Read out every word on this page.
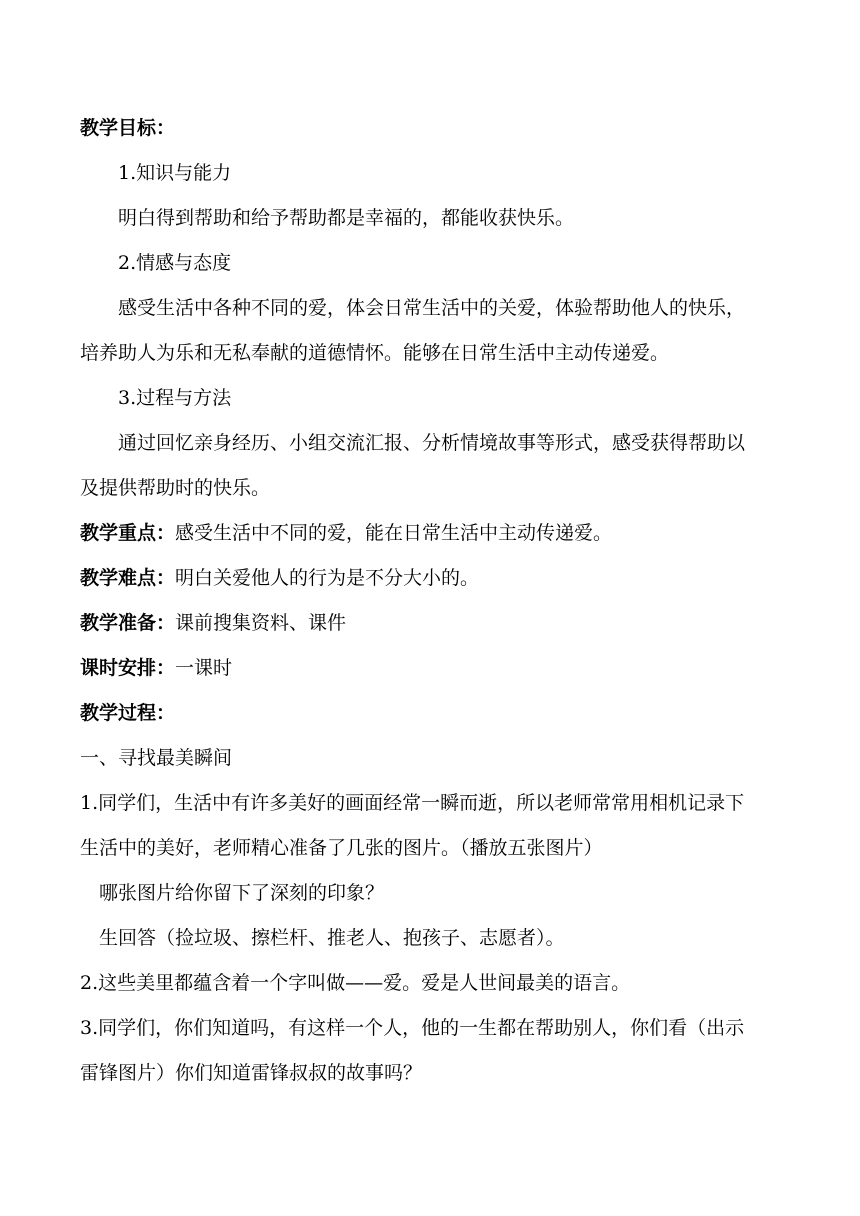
教学目标：
1.知识与能力
明白得到帮助和给予帮助都是幸福的，都能收获快乐。
2.情感与态度
感受生活中各种不同的爱，体会日常生活中的关爱，体验帮助他人的快乐，
培养助人为乐和无私奉献的道德情怀。能够在日常生活中主动传递爱。
3.过程与方法
通过回忆亲身经历、小组交流汇报、分析情境故事等形式，感受获得帮助以
及提供帮助时的快乐。
教学重点：感受生活中不同的爱，能在日常生活中主动传递爱。
教学难点：明白关爱他人的行为是不分大小的。
教学准备：课前搜集资料、课件
课时安排：一课时
教学过程：
一、寻找最美瞬间
1.同学们，生活中有许多美好的画面经常一瞬而逝，所以老师常常用相机记录下
生活中的美好，老师精心准备了几张的图片。（播放五张图片）
哪张图片给你留下了深刻的印象？
生回答（捡垃圾、擦栏杆、推老人、抱孩子、志愿者）。
2.这些美里都蕴含着一个字叫做——爱。爱是人世间最美的语言。
3.同学们，你们知道吗，有这样一个人，他的一生都在帮助别人，你们看（出示
雷锋图片）你们知道雷锋叔叔的故事吗？
